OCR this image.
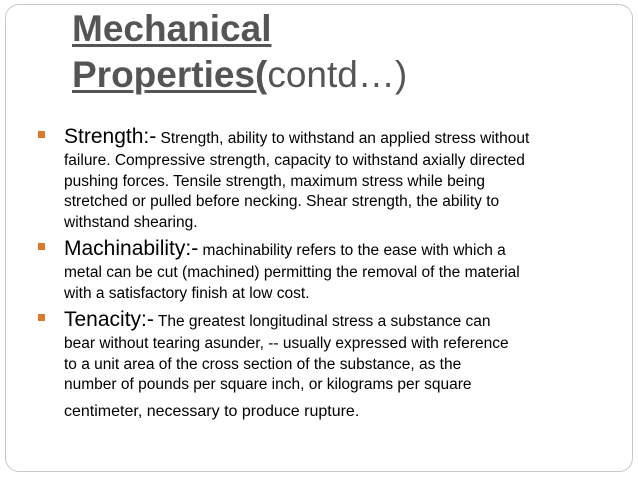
Mechanical
Properties(contd…)
Strength:- Strength, ability to withstand an applied stress without
failure. Compressive strength, capacity to withstand axially directed
pushing forces. Tensile strength, maximum stress while being
stretched or pulled before necking. Shear strength, the ability to
withstand shearing.
Machinability:- machinability refers to the ease with which a
metal can be cut (machined) permitting the removal of the material
with a satisfactory finish at low cost.
Tenacity:- The greatest longitudinal stress a substance can
bear without tearing asunder, -- usually expressed with reference
to a unit area of the cross section of the substance, as the
number of pounds per square inch, or kilograms per square
centimeter, necessary to produce rupture.
